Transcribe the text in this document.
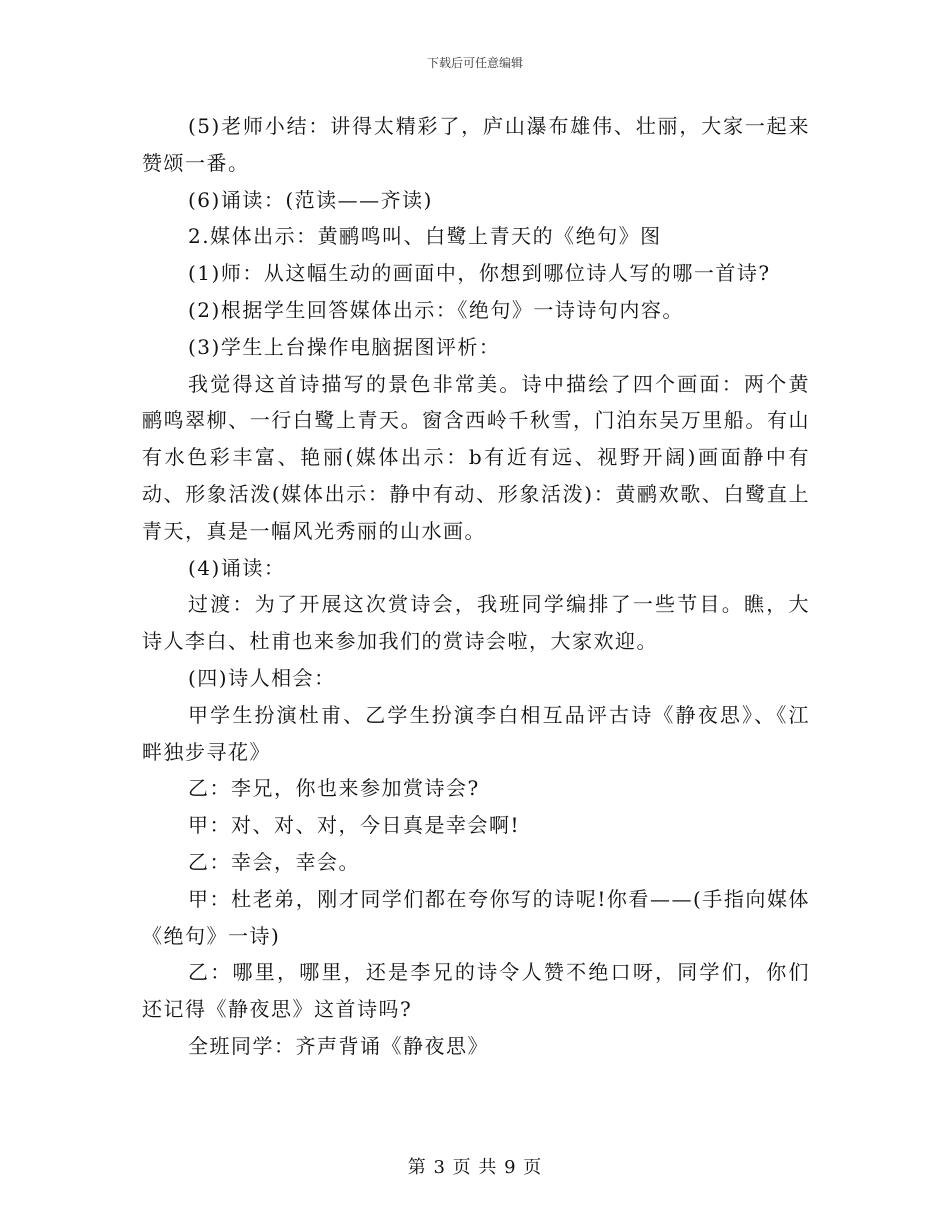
下载后可任意编辑

(5)老师小结：讲得太精彩了，庐山瀑布雄伟、壮丽，大家一起来赞颂一番。

(6)诵读：(范读——齐读)

2.媒体出示：黄鹂鸣叫、白鹭上青天的《绝句》图

(1)师：从这幅生动的画面中，你想到哪位诗人写的哪一首诗?

(2)根据学生回答媒体出示：《绝句》一诗诗句内容。

(3)学生上台操作电脑据图评析：

我觉得这首诗描写的景色非常美。诗中描绘了四个画面：两个黄鹂鸣翠柳、一行白鹭上青天。窗含西岭千秋雪，门泊东吴万里船。有山有水色彩丰富、艳丽(媒体出示：b有近有远、视野开阔)画面静中有动、形象活泼(媒体出示：静中有动、形象活泼)：黄鹂欢歌、白鹭直上青天，真是一幅风光秀丽的山水画。

(4)诵读：

过渡：为了开展这次赏诗会，我班同学编排了一些节目。瞧，大诗人李白、杜甫也来参加我们的赏诗会啦，大家欢迎。

(四)诗人相会：

甲学生扮演杜甫、乙学生扮演李白相互品评古诗《静夜思》、《江畔独步寻花》

乙：李兄，你也来参加赏诗会?

甲：对、对、对，今日真是幸会啊!

乙：幸会，幸会。

甲：杜老弟，刚才同学们都在夸你写的诗呢!你看——(手指向媒体《绝句》一诗)

乙：哪里，哪里，还是李兄的诗令人赞不绝口呀，同学们，你们还记得《静夜思》这首诗吗?

全班同学：齐声背诵《静夜思》

第 3 页 共 9 页
